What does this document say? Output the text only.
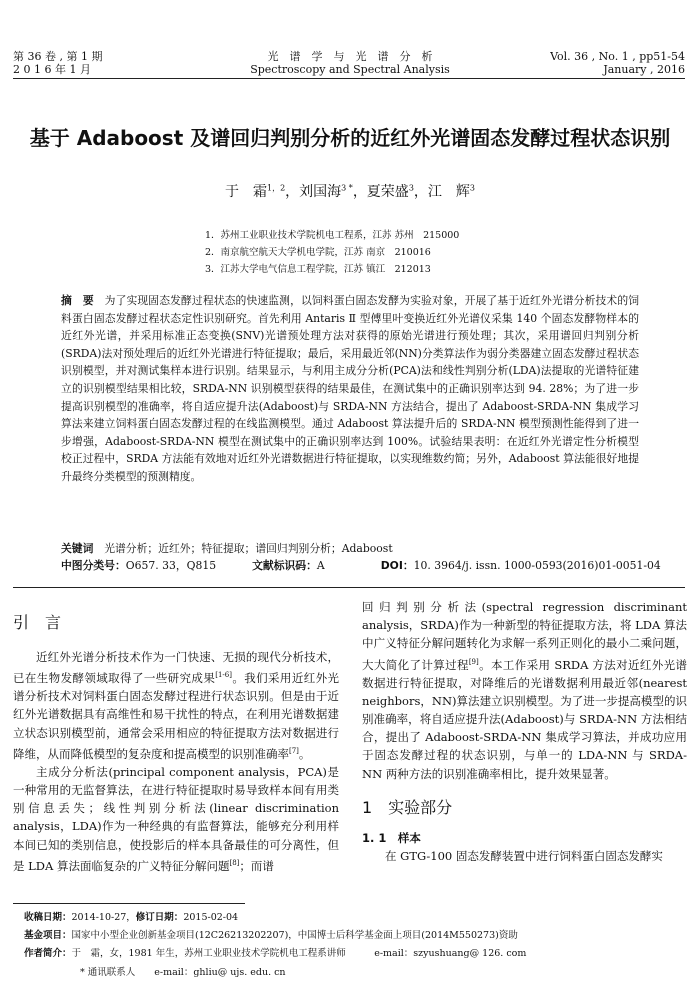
第 36 卷 , 第 1 期
2 0 1 6 年 1 月
光　谱　学　与　光　谱　分　析
Spectroscopy and Spectral Analysis
Vol. 36 , No. 1 , pp51-54
January , 2016
基于 Adaboost 及谱回归判别分析的近红外光谱固态发酵过程状态识别
于　霜$^{1,2}$，刘国海$^{3 *}$，夏荣盛$^3$，江　辉$^3$
1．苏州工业职业技术学院机电工程系，江苏 苏州　215000
2．南京航空航天大学机电学院，江苏 南京　210016
3．江苏大学电气信息工程学院，江苏 镇江　212013
摘　要　 为了实现固态发酵过程状态的快速监测，以饲料蛋白固态发酵为实验对象，开展了基于近红外光谱分析技术的饲料蛋白固态发酵过程状态定性识别研究。首先利用 Antaris Ⅱ 型傅里叶变换近红外光谱仪采集 140 个固态发酵物样本的近红外光谱，并采用标准正态变换(SNV)光谱预处理方法对获得的原始光谱进行预处理；其次，采用谱回归判别分析(SRDA)法对预处理后的近红外光谱进行特征提取；最后，采用最近邻(NN)分类算法作为弱分类器建立固态发酵过程状态识别模型，并对测试集样本进行识别。结果显示，与利用主成分分析(PCA)法和线性判别分析(LDA)法提取的光谱特征建立的识别模型结果相比较，SRDA-NN 识别模型获得的结果最佳，在测试集中的正确识别率达到 94. 28%；为了进一步提高识别模型的准确率，将自适应提升法(Adaboost)与 SRDA-NN 方法结合，提出了 Adaboost-SRDA-NN 集成学习算法来建立饲料蛋白固态发酵过程的在线监测模型。通过 Adaboost 算法提升后的 SRDA-NN 模型预测性能得到了进一步增强，Adaboost-SRDA-NN 模型在测试集中的正确识别率达到 100%。试验结果表明：在近红外光谱定性分析模型校正过程中，SRDA 方法能有效地对近红外光谱数据进行特征提取，以实现维数约简；另外，Adaboost 算法能很好地提升最终分类模型的预测精度。
关键词　 光谱分析；近红外；特征提取；谱回归判别分析；Adaboost
中图分类号：O657. 33，Q815	文献标识码：A	DOI：10. 3964/j. issn. 1000-0593(2016)01-0051-04
引　言

近红外光谱分析技术作为一门快速、无损的现代分析技术，已在生物发酵领域取得了一些研究成果[1-6]。我们采用近红外光谱分析技术对饲料蛋白固态发酵过程进行状态识别。但是由于近红外光谱数据具有高维性和易干扰性的特点，在利用光谱数据建立状态识别模型前，通常会采用相应的特征提取方法对数据进行降维，从而降低模型的复杂度和提高模型的识别准确率[7]。

主成分分析法(principal component analysis，PCA)是一种常用的无监督算法，在进行特征提取时易导致样本间有用类别信息丢失；线性判别分析法(linear discrimination analysis，LDA)作为一种经典的有监督算法，能够充分利用样本间已知的类别信息，使投影后的样本具备最佳的可分离性，但是 LDA 算法面临复杂的广义特征分解问题[8]；而谱

回归判别分析法(spectral regression discriminant analysis，SRDA)作为一种新型的特征提取方法，将 LDA 算法中广义特征分解问题转化为求解一系列正则化的最小二乘问题，大大简化了计算过程[9]。本工作采用 SRDA 方法对近红外光谱数据进行特征提取，对降维后的光谱数据利用最近邻(nearest neighbors，NN)算法建立识别模型。为了进一步提高模型的识别准确率，将自适应提升法(Adaboost)与 SRDA-NN 方法相结合，提出了 Adaboost-SRDA-NN 集成学习算法，并成功应用于固态发酵过程的状态识别，与单一的 LDA-NN 与 SRDA-NN 两种方法的识别准确率相比，提升效果显著。

1　实验部分
1. 1　样本

在 GTG-100 固态发酵装置中进行饲料蛋白固态发酵实

收稿日期：2014-10-27，修订日期：2015-02-04
基金项目：国家中小型企业创新基金项目(12C26213202207)，中国博士后科学基金面上项目(2014M550273)资助
作者简介：于　霜，女，1981 年生，苏州工业职业技术学院机电工程系讲师　　　e-mail：szyushuang@ 126. com
* 通讯联系人　　e-mail：ghliu@ ujs. edu. cn
